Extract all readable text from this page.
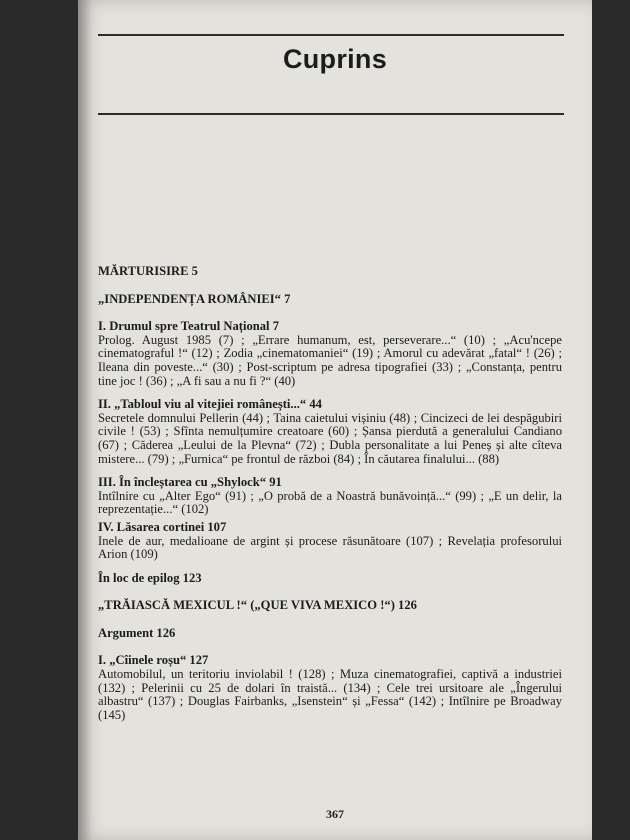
Cuprins
MĂRTURISIRE 5
„INDEPENDENȚA ROMÂNIEI“ 7
I. Drumul spre Teatrul Național 7
Prolog. August 1985 (7) ; „Errare humanum, est, perseverare...“ (10) ; „Acu'ncepe cinematograful !“ (12) ; Zodia „cinematomaniei“ (19) ; Amorul cu adevărat „fatal“ ! (26) ; Ileana din poveste...“ (30) ; Post-scriptum pe adresa tipografiei (33) ; „Constanța, pentru tine joc ! (36) ; „A fi sau a nu fi ?“ (40)
II. „Tabloul viu al vitejiei românești...“ 44
Secretele domnului Pellerin (44) ; Taina caietului vișiniu (48) ; Cincizeci de lei despăgubiri civile ! (53) ; Sfînta nemulțumire creatoare (60) ; Șansa pierdută a generalului Candiano (67) ; Căderea „Leului de la Plevna“ (72) ; Dubla personalitate a lui Peneș și alte cîteva mistere... (79) ; „Furnica“ pe frontul de război (84) ; În căutarea finalului... (88)
III. În încleștarea cu „Shylock“ 91
Intîlnire cu „Alter Ego“ (91) ; „O probă de a Noastră bunăvoință...“ (99) ; „E un delir, la reprezentație...“ (102)
IV. Lăsarea cortinei 107
Inele de aur, medalioane de argint și procese răsunătoare (107) ; Revelația profesorului Arion (109)
În loc de epilog 123
„TRĂIASCĂ MEXICUL !“ („QUE VIVA MEXICO !“) 126
Argument 126
I. „Cîinele roșu“ 127
Automobilul, un teritoriu inviolabil ! (128) ; Muza cinematografiei, captivă a industriei (132) ; Pelerinii cu 25 de dolari în traistă... (134) ; Cele trei ursitoare ale „Îngerului albastru“ (137) ; Douglas Fairbanks, „Isenstein“ și „Fessa“ (142) ; Intîlnire pe Broadway (145)
367
